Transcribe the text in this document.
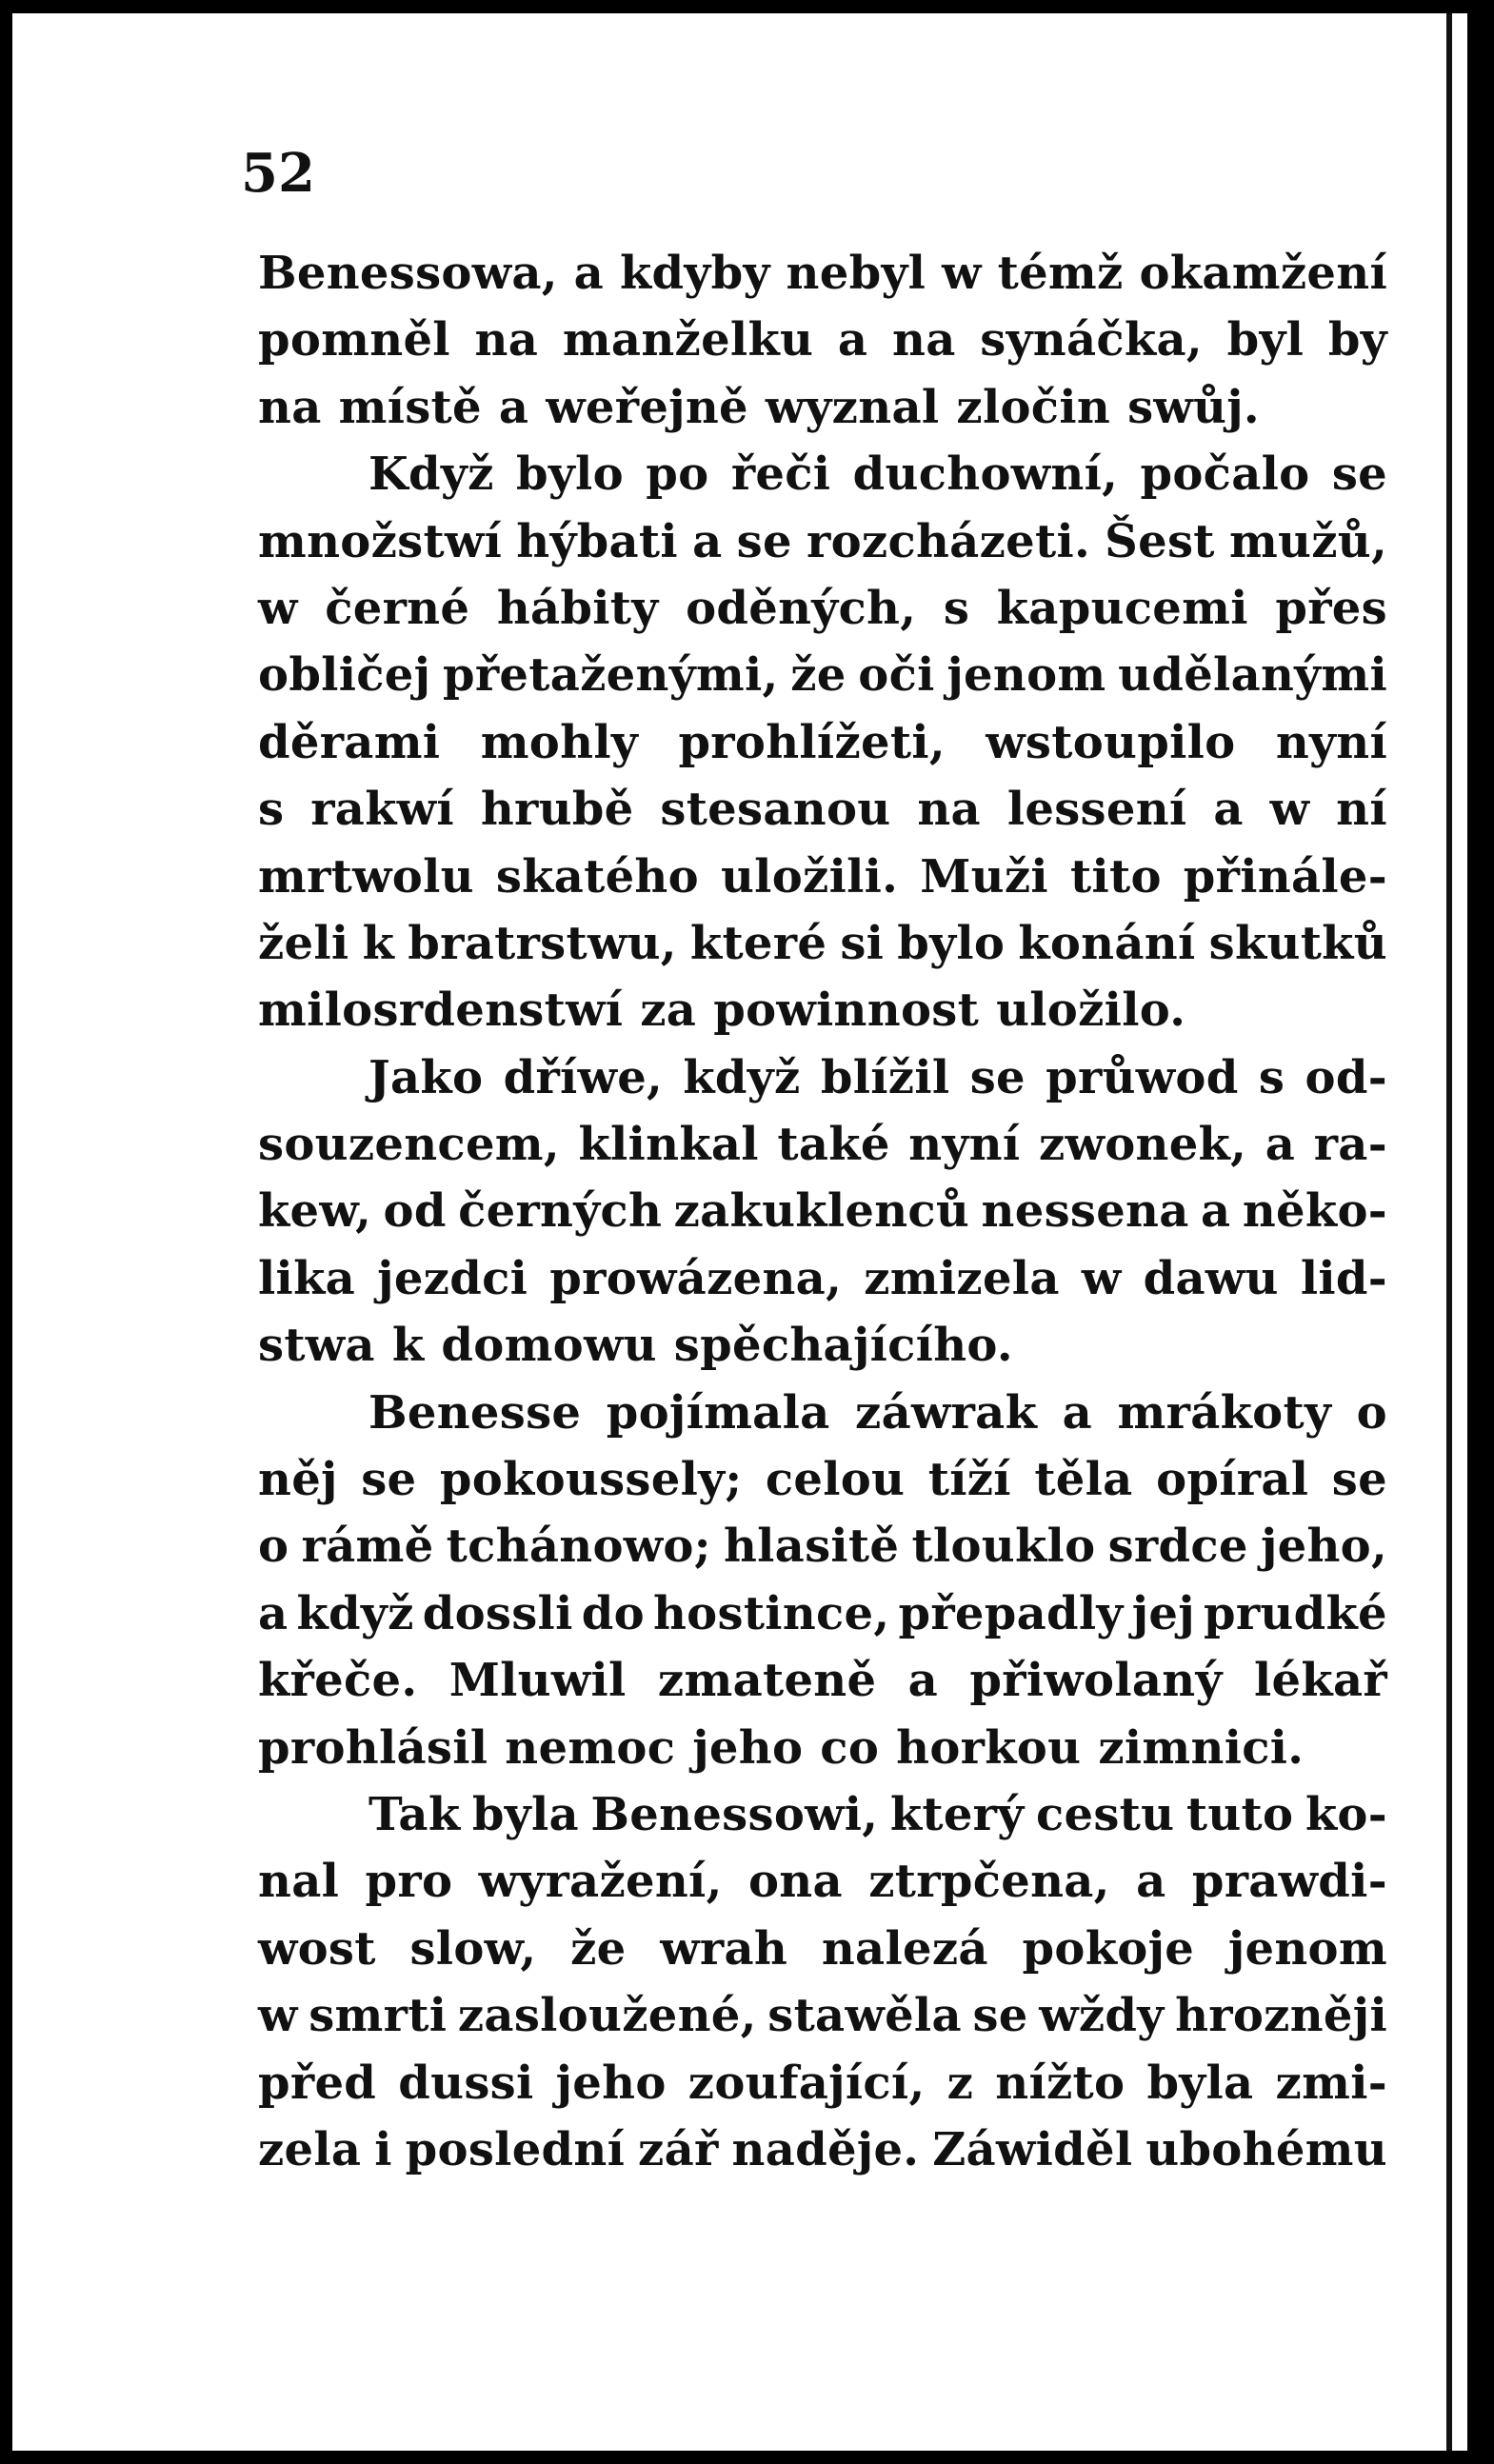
52
Benessowa, a kdyby nebyl w témž okamžení
pomněl na manželku a na synáčka, byl by
na místě a weřejně wyznal zločin swůj.
Když bylo po řeči duchowní, počalo se
množstwí hýbati a se rozcházeti. Šest mužů,
w černé hábity oděných, s kapucemi přes
obličej přetaženými, že oči jenom udělanými
děrami mohly prohlížeti, wstoupilo nyní
s rakwí hrubě stesanou na lessení a w ní
mrtwolu skatého uložili. Muži tito přinále-
želi k bratrstwu, které si bylo konání skutků
milosrdenstwí za powinnost uložilo.
Jako dříwe, když blížil se průwod s od-
souzencem, klinkal také nyní zwonek, a ra-
kew, od černých zakuklenců nessena a něko-
lika jezdci prowázena, zmizela w dawu lid-
stwa k domowu spěchajícího.
Benesse pojímala záwrak a mrákoty o
něj se pokoussely; celou tíží těla opíral se
o rámě tchánowo; hlasitě tlouklo srdce jeho,
a když dossli do hostince, přepadly jej prudké
křeče. Mluwil zmateně a přiwolaný lékař
prohlásil nemoc jeho co horkou zimnici.
Tak byla Benessowi, který cestu tuto ko-
nal pro wyražení, ona ztrpčena, a prawdi-
wost slow, že wrah nalezá pokoje jenom
w smrti zasloužené, stawěla se wždy hrozněji
před dussi jeho zoufající, z nížto byla zmi-
zela i poslední zář naděje. Záwiděl ubohému
